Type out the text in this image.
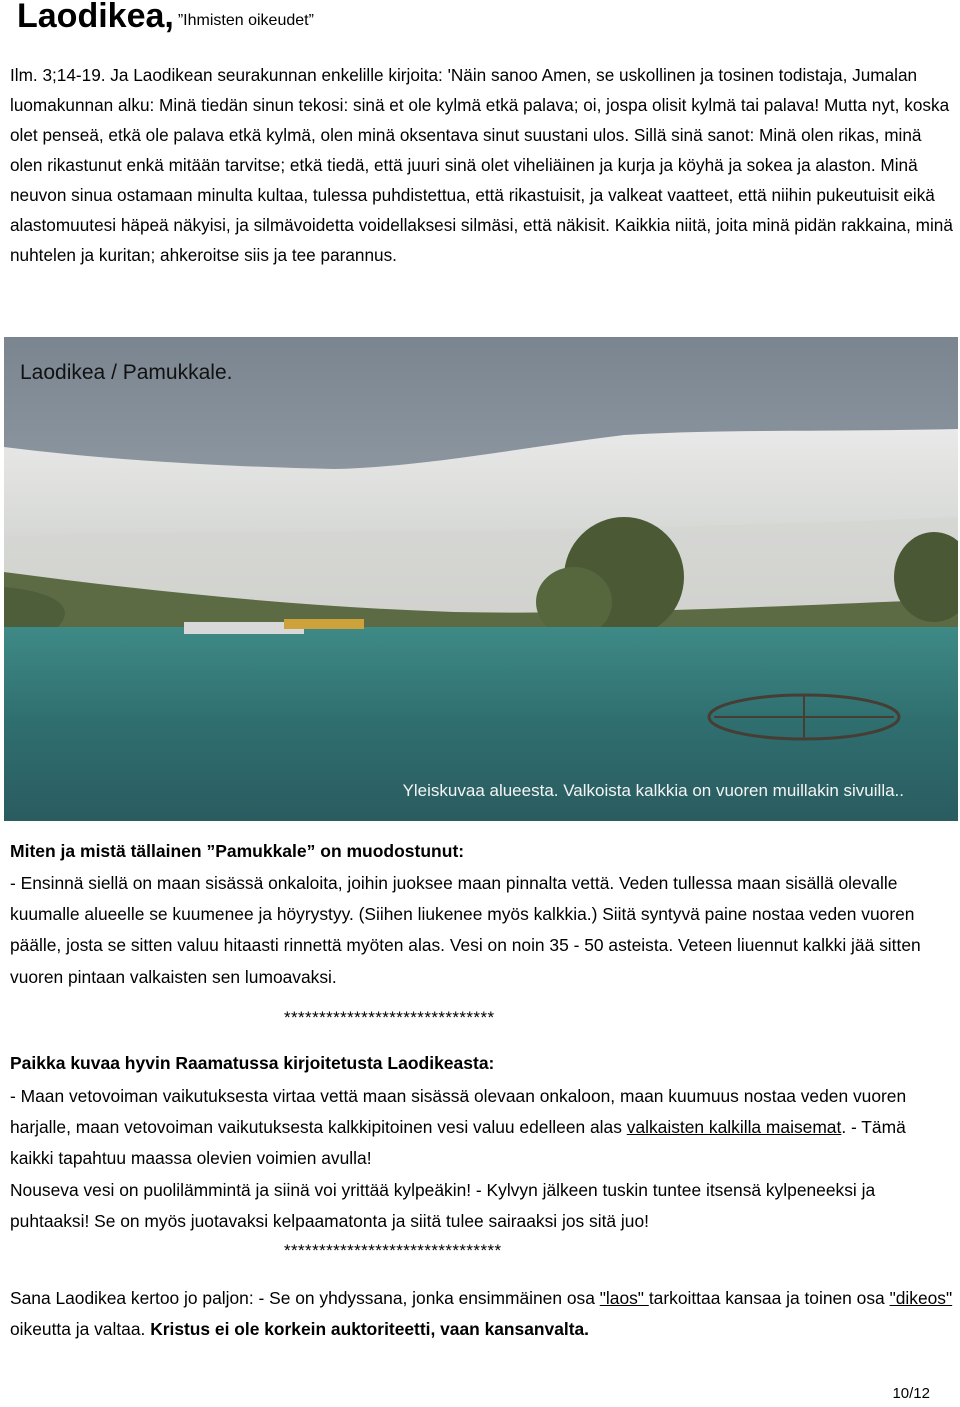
Laodikea, ”Ihmisten oikeudet”

Ilm. 3;14-19. Ja Laodikean seurakunnan enkelille kirjoita: 'Näin sanoo Amen, se uskollinen ja tosinen todistaja, Jumalan luomakunnan alku: Minä tiedän sinun tekosi: sinä et ole kylmä etkä palava; oi, jospa olisit kylmä tai palava! Mutta nyt, koska olet penseä, etkä ole palava etkä kylmä, olen minä oksentava sinut suustani ulos. Sillä sinä sanot: Minä olen rikas, minä olen rikastunut enkä mitään tarvitse; etkä tiedä, että juuri sinä olet viheliäinen ja kurja ja köyhä ja sokea ja alaston. Minä neuvon sinua ostamaan minulta kultaa, tulessa puhdistettua, että rikastuisit, ja valkeat vaatteet, että niihin pukeutuisit eikä alastomuutesi häpeä näkyisi, ja silmävoidetta voidellaksesi silmäsi, että näkisit. Kaikkia niitä, joita minä pidän rakkaina, minä nuhtelen ja kuritan; ahkeroitse siis ja tee parannus.

Laodikea / Pamukkale.

Yleiskuvaa alueesta. Valkoista kalkkia on vuoren muillakin sivuilla..

Miten ja mistä tällainen ”Pamukkale” on muodostunut:

- Ensinnä siellä on maan sisässä onkaloita, joihin juoksee maan pinnalta vettä. Veden tullessa maan sisällä olevalle kuumalle alueelle se kuumenee ja höyrystyy. (Siihen liukenee myös kalkkia.) Siitä syntyvä paine nostaa veden vuoren päälle, josta se sitten valuu hitaasti rinnettä myöten alas. Vesi on noin 35 - 50 asteista. Veteen liuennut kalkki jää sitten vuoren pintaan valkaisten sen lumoavaksi.

******************************

Paikka kuvaa hyvin Raamatussa kirjoitetusta Laodikeasta:

- Maan vetovoiman vaikutuksesta virtaa vettä maan sisässä olevaan onkaloon, maan kuumuus nostaa veden vuoren harjalle, maan vetovoiman vaikutuksesta kalkkipitoinen vesi valuu edelleen alas valkaisten kalkilla maisemat. - Tämä kaikki tapahtuu maassa olevien voimien avulla!
Nouseva vesi on puolilämmintä ja siinä voi yrittää kylpeäkin! - Kylvyn jälkeen tuskin tuntee itsensä kylpeneeksi ja puhtaaksi! Se on myös juotavaksi kelpaamatonta ja siitä tulee sairaaksi jos sitä juo!

*******************************

Sana Laodikea kertoo jo paljon: - Se on yhdyssana, jonka ensimmäinen osa "laos" tarkoittaa kansaa ja toinen osa "dikeos" oikeutta ja valtaa. Kristus ei ole korkein auktoriteetti, vaan kansanvalta.

10/12
